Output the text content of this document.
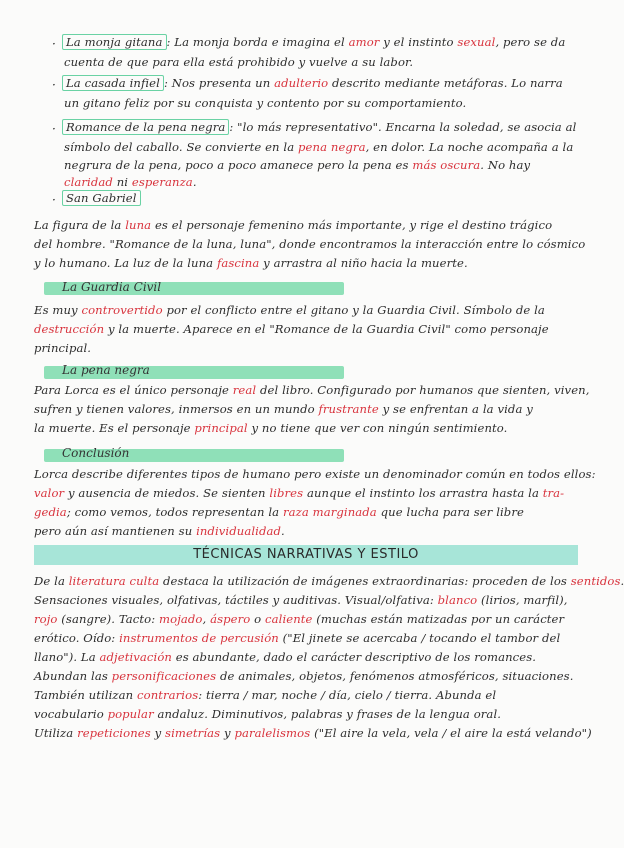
· La monja gitana : La monja borda e imagina el amor y el instinto sexual, pero se da
cuenta de que para ella está prohibido y vuelve a su labor.
· La casada infiel : Nos presenta un adulterio descrito mediante metáforas. Lo narra
un gitano feliz por su conquista y contento por su comportamiento.
· Romance de la pena negra : "lo más representativo". Encarna la soledad, se asocia al
símbolo del caballo. Se convierte en la pena negra, en dolor. La noche acompaña a la
negrura de la pena, poco a poco amanece pero la pena es más oscura. No hay
claridad ni esperanza.
· San Gabriel
La figura de la luna es el personaje femenino más importante, y rige el destino trágico
del hombre. "Romance de la luna, luna", donde encontramos la interacción entre lo cósmico
y lo humano. La luz de la luna fascina y arrastra al niño hacia la muerte.
La Guardia Civil
Es muy controvertido por el conflicto entre el gitano y la Guardia Civil. Símbolo de la
destrucción y la muerte. Aparece en el "Romance de la Guardia Civil" como personaje
principal.
La pena negra
Para Lorca es el único personaje real del libro. Configurado por humanos que sienten, viven,
sufren y tienen valores, inmersos en un mundo frustrante y se enfrentan a la vida y
la muerte. Es el personaje principal y no tiene que ver con ningún sentimiento.
Conclusión
Lorca describe diferentes tipos de humano pero existe un denominador común en todos ellos:
valor y ausencia de miedos. Se sienten libres aunque el instinto los arrastra hasta la tra-
gedia; como vemos, todos representan la raza marginada que lucha para ser libre
pero aún así mantienen su individualidad.
TÉCNICAS NARRATIVAS Y ESTILO
De la literatura culta destaca la utilización de imágenes extraordinarias: proceden de los sentidos.
Sensaciones visuales, olfativas, táctiles y auditivas. Visual/olfativa: blanco (lirios, marfil),
rojo (sangre). Tacto: mojado, áspero o caliente (muchas están matizadas por un carácter
erótico. Oído: instrumentos de percusión ("El jinete se acercaba / tocando el tambor del
llano"). La adjetivación es abundante, dado el carácter descriptivo de los romances.
Abundan las personificaciones de animales, objetos, fenómenos atmosféricos, situaciones.
También utilizan contrarios: tierra / mar, noche / día, cielo / tierra. Abunda el
vocabulario popular andaluz. Diminutivos, palabras y frases de la lengua oral.
Utiliza repeticiones y simetrías y paralelismos ("El aire la vela, vela / el aire la está velando")
